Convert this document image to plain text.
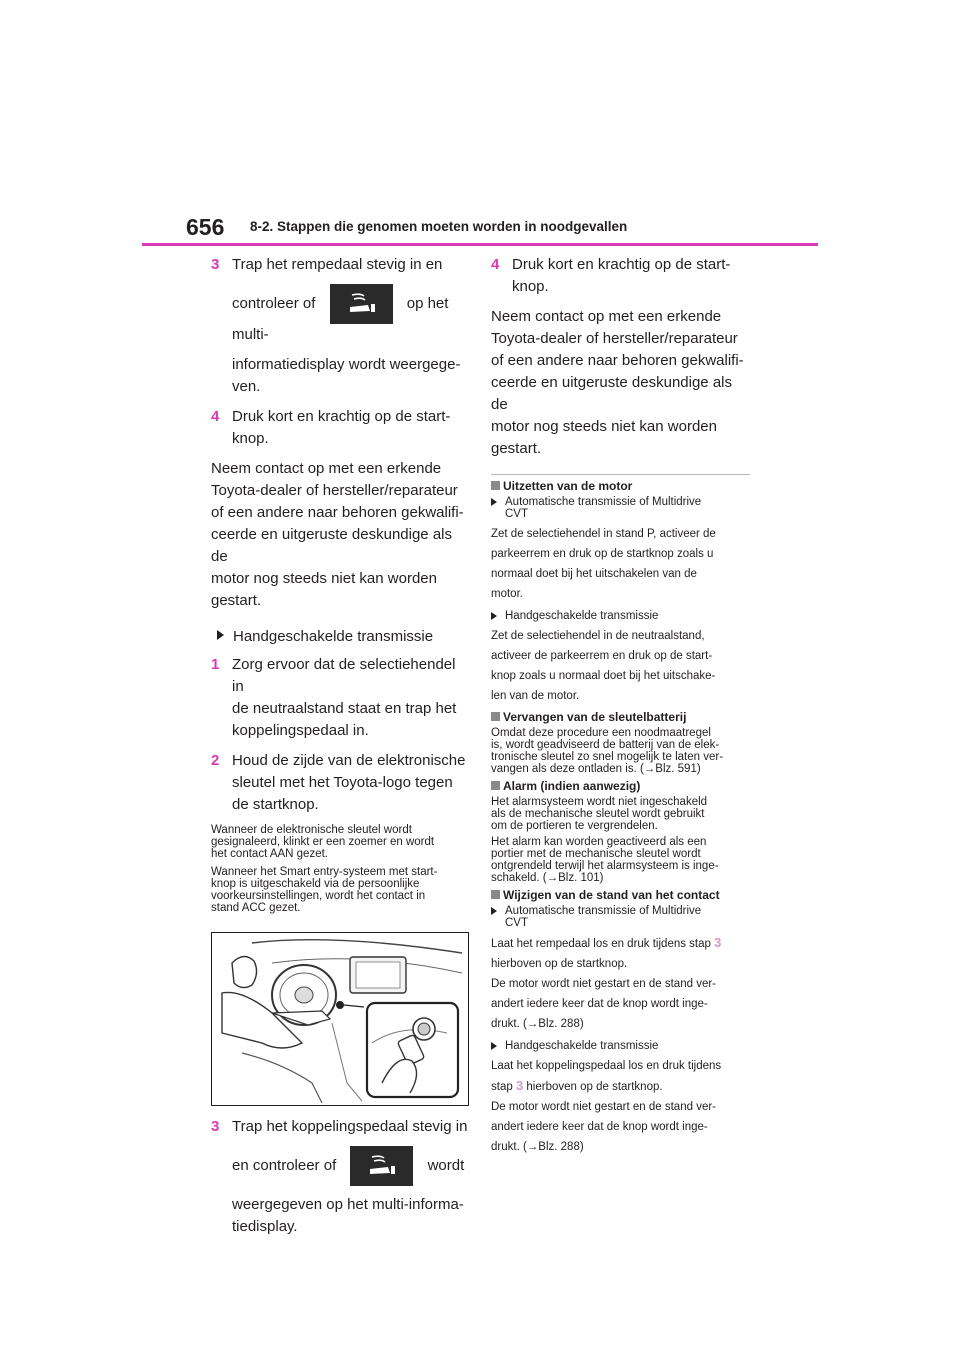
656 8-2. Stappen die genomen moeten worden in noodgevallen
3 Trap het rempedaal stevig in en
controleer of	op het multi-
informatiedisplay wordt weergege-
ven.
4 Druk kort en krachtig op de start-
knop.
Neem contact op met een erkende
Toyota-dealer of hersteller/reparateur
of een andere naar behoren gekwalifi-
ceerde en uitgeruste deskundige als de
motor nog steeds niet kan worden
gestart.
Handgeschakelde transmissie
1 Zorg ervoor dat de selectiehendel in
de neutraalstand staat en trap het
koppelingspedaal in.
2 Houd de zijde van de elektronische
sleutel met het Toyota-logo tegen
de startknop.
Wanneer de elektronische sleutel wordt
gesignaleerd, klinkt er een zoemer en wordt
het contact AAN gezet.
Wanneer het Smart entry-systeem met start-
knop is uitgeschakeld via de persoonlijke
voorkeursinstellingen, wordt het contact in
stand ACC gezet.
3 Trap het koppelingspedaal stevig in
en controleer of	wordt
weergegeven op het multi-informa-
tiedisplay.
4 Druk kort en krachtig op de start-
knop.
Neem contact op met een erkende
Toyota-dealer of hersteller/reparateur
of een andere naar behoren gekwalifi-
ceerde en uitgeruste deskundige als de
motor nog steeds niet kan worden
gestart.
Uitzetten van de motor
Automatische transmissie of Multidrive
CVT
Zet de selectiehendel in stand P, activeer de
parkeerrem en druk op de startknop zoals u
normaal doet bij het uitschakelen van de
motor.
Handgeschakelde transmissie
Zet de selectiehendel in de neutraalstand,
activeer de parkeerrem en druk op de start-
knop zoals u normaal doet bij het uitschake-
len van de motor.
Vervangen van de sleutelbatterij
Omdat deze procedure een noodmaatregel
is, wordt geadviseerd de batterij van de elek-
tronische sleutel zo snel mogelijk te laten ver-
vangen als deze ontladen is. (→Blz. 591)
Alarm (indien aanwezig)
Het alarmsysteem wordt niet ingeschakeld
als de mechanische sleutel wordt gebruikt
om de portieren te vergrendelen.
Het alarm kan worden geactiveerd als een
portier met de mechanische sleutel wordt
ontgrendeld terwijl het alarmsysteem is inge-
schakeld. (→Blz. 101)
Wijzigen van de stand van het contact
Automatische transmissie of Multidrive
CVT
Laat het rempedaal los en druk tijdens stap 3
hierboven op de startknop.
De motor wordt niet gestart en de stand ver-
andert iedere keer dat de knop wordt inge-
drukt. (→Blz. 288)
Handgeschakelde transmissie
Laat het koppelingspedaal los en druk tijdens
stap 3 hierboven op de startknop.
De motor wordt niet gestart en de stand ver-
andert iedere keer dat de knop wordt inge-
drukt. (→Blz. 288)
